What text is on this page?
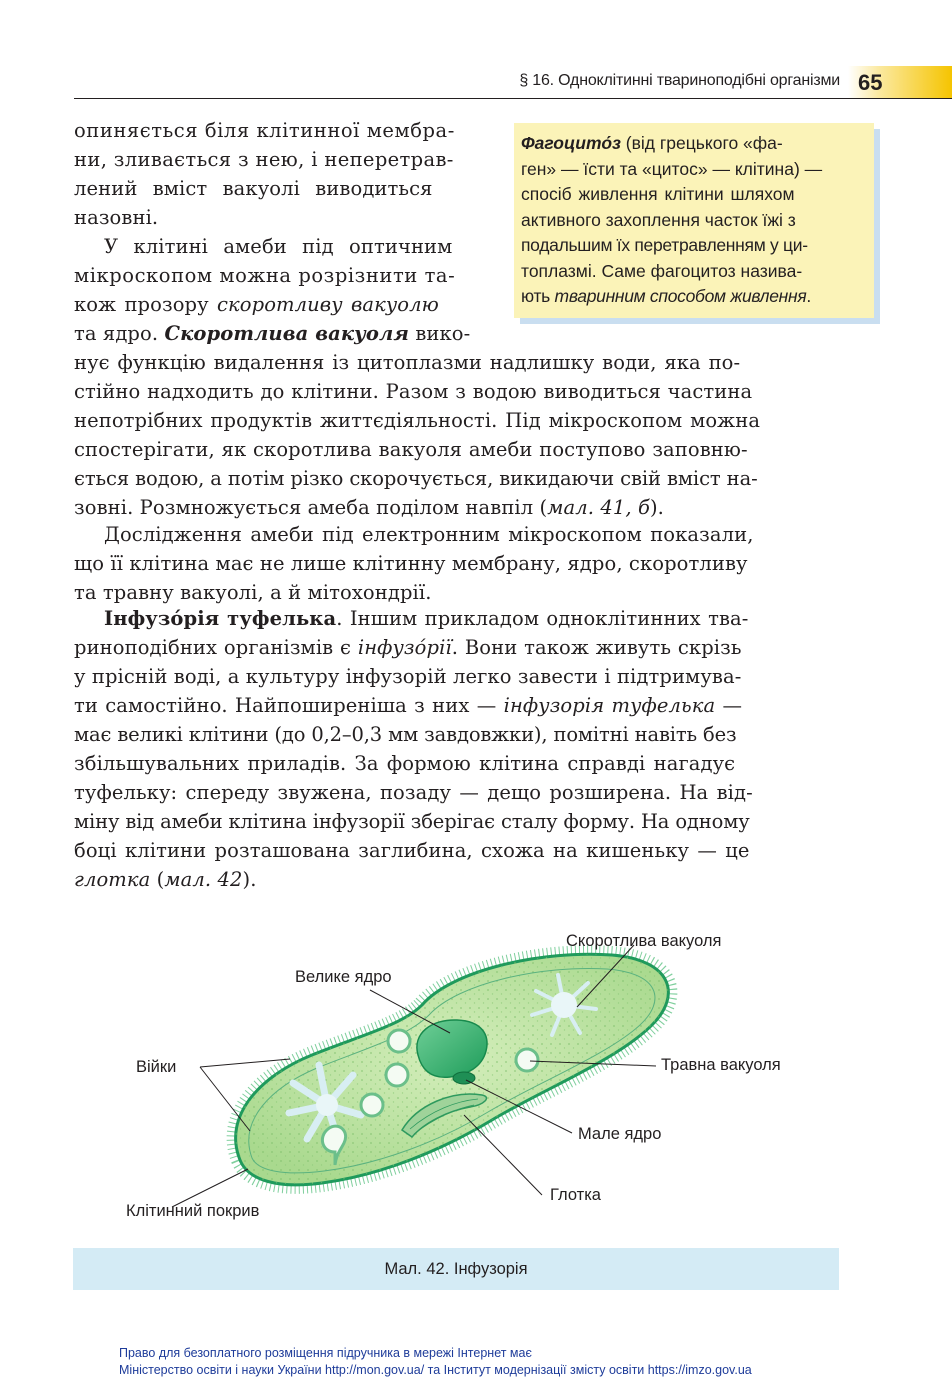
§ 16. Одноклітинні твариноподібні організми 65
опиняється біля клітинної мембра-
ни, зливається з нею, і неперетрав-
лений вміст вакуолі виводиться
назовні.
У клітині амеби під оптичним
мікроскопом можна розрізнити та-
кож прозору скоротливу вакуолю
та ядро. Скоротлива вакуоля вико-
нує функцію видалення із цитоплазми надлишку води, яка по-
стійно надходить до клітини. Разом з водою виводиться частина
непотрібних продуктів життєдіяльності. Під мікроскопом можна
спостерігати, як скоротлива вакуоля амеби поступово заповню-
ється водою, а потім різко скорочується, викидаючи свій вміст на-
зовні. Розмножується амеба поділом навпіл (мал. 41, б).
Фагоцито́з (від грецького «фа-
ген» — їсти та «цитос» — клітина) —
спосіб живлення клітини шляхом
активного захоплення часток їжі з
подальшим їх перетравленням у ци-
топлазмі. Саме фагоцитоз назива-
ють тваринним способом живлення.
Дослідження амеби під електронним мікроскопом показали,
що її клітина має не лише клітинну мембрану, ядро, скоротливу
та травну вакуолі, а й мітохондрії.
Інфузо́рія туфелька. Іншим прикладом одноклітинних тва-
риноподібних організмів є інфузо́рії. Вони також живуть скрізь
у прісній воді, а культуру інфузорій легко завести і підтримува-
ти самостійно. Найпоширеніша з них — інфузорія туфелька —
має великі клітини (до 0,2–0,3 мм завдовжки), помітні навіть без
збільшувальних приладів. За формою клітина справді нагадує
туфельку: спереду звужена, позаду — дещо розширена. На від-
міну від амеби клітина інфузорії зберігає сталу форму. На одному
боці клітини розташована заглибина, схожа на кишеньку — це
глотка (мал. 42).
Скоротлива вакуоля
Велике ядро
Війки	Травна вакуоля
Мале ядро
Глотка
Клітинний покрив
Мал. 42. Інфузорія
Право для безоплатного розміщення підручника в мережі Інтернет має
Міністерство освіти і науки України http://mon.gov.ua/ та Інститут модернізації змісту освіти https://imzo.gov.ua
